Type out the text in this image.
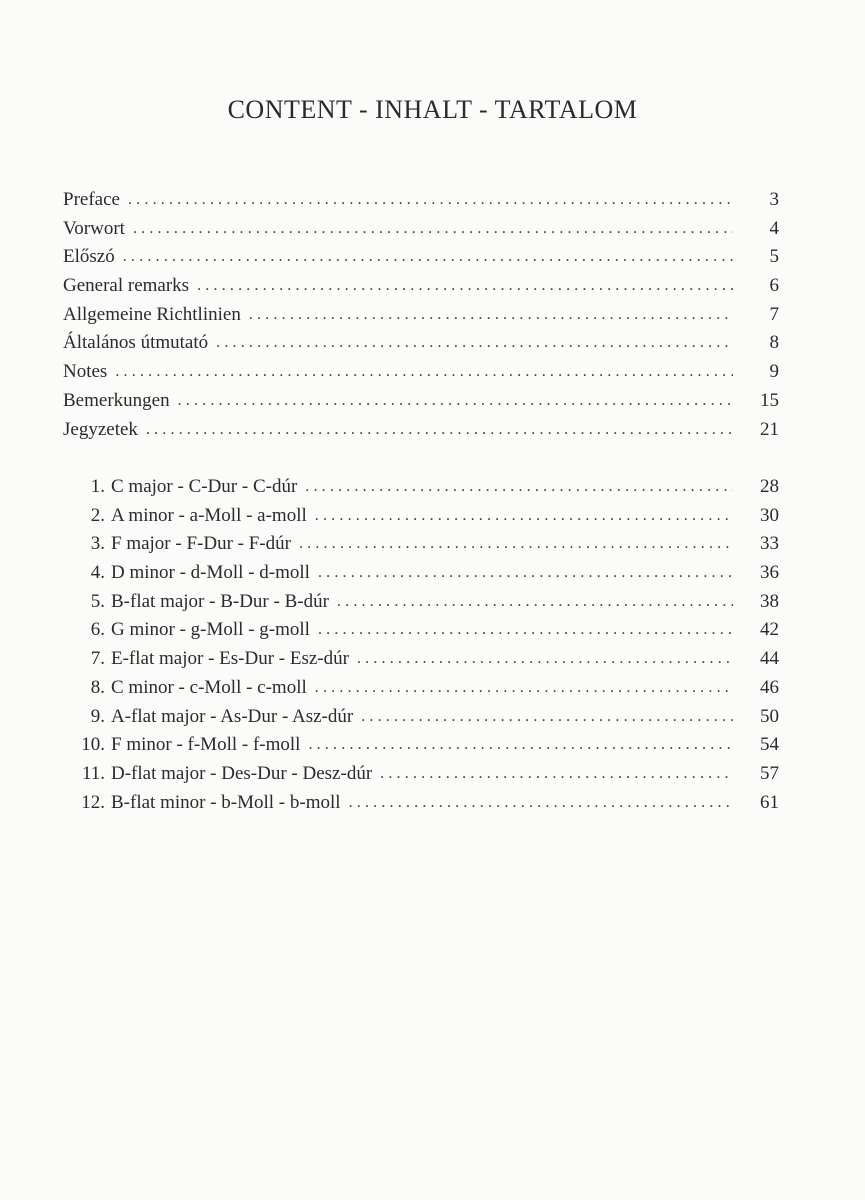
CONTENT - INHALT - TARTALOM
Preface .....	3
Vorwort .....	4
Előszó .....	5
General remarks .....	6
Allgemeine Richtlinien .....	7
Általános útmutató .....	8
Notes .....	9
Bemerkungen .....	15
Jegyzetek .....	21
1. C major - C-Dur - C-dúr .....	28
2. A minor - a-Moll - a-moll .....	30
3. F major - F-Dur - F-dúr .....	33
4. D minor - d-Moll - d-moll .....	36
5. B-flat major - B-Dur - B-dúr .....	38
6. G minor - g-Moll - g-moll .....	42
7. E-flat major - Es-Dur - Esz-dúr .....	44
8. C minor - c-Moll - c-moll .....	46
9. A-flat major - As-Dur - Asz-dúr .....	50
10. F minor - f-Moll - f-moll .....	54
11. D-flat major - Des-Dur - Desz-dúr .....	57
12. B-flat minor - b-Moll - b-moll .....	61
